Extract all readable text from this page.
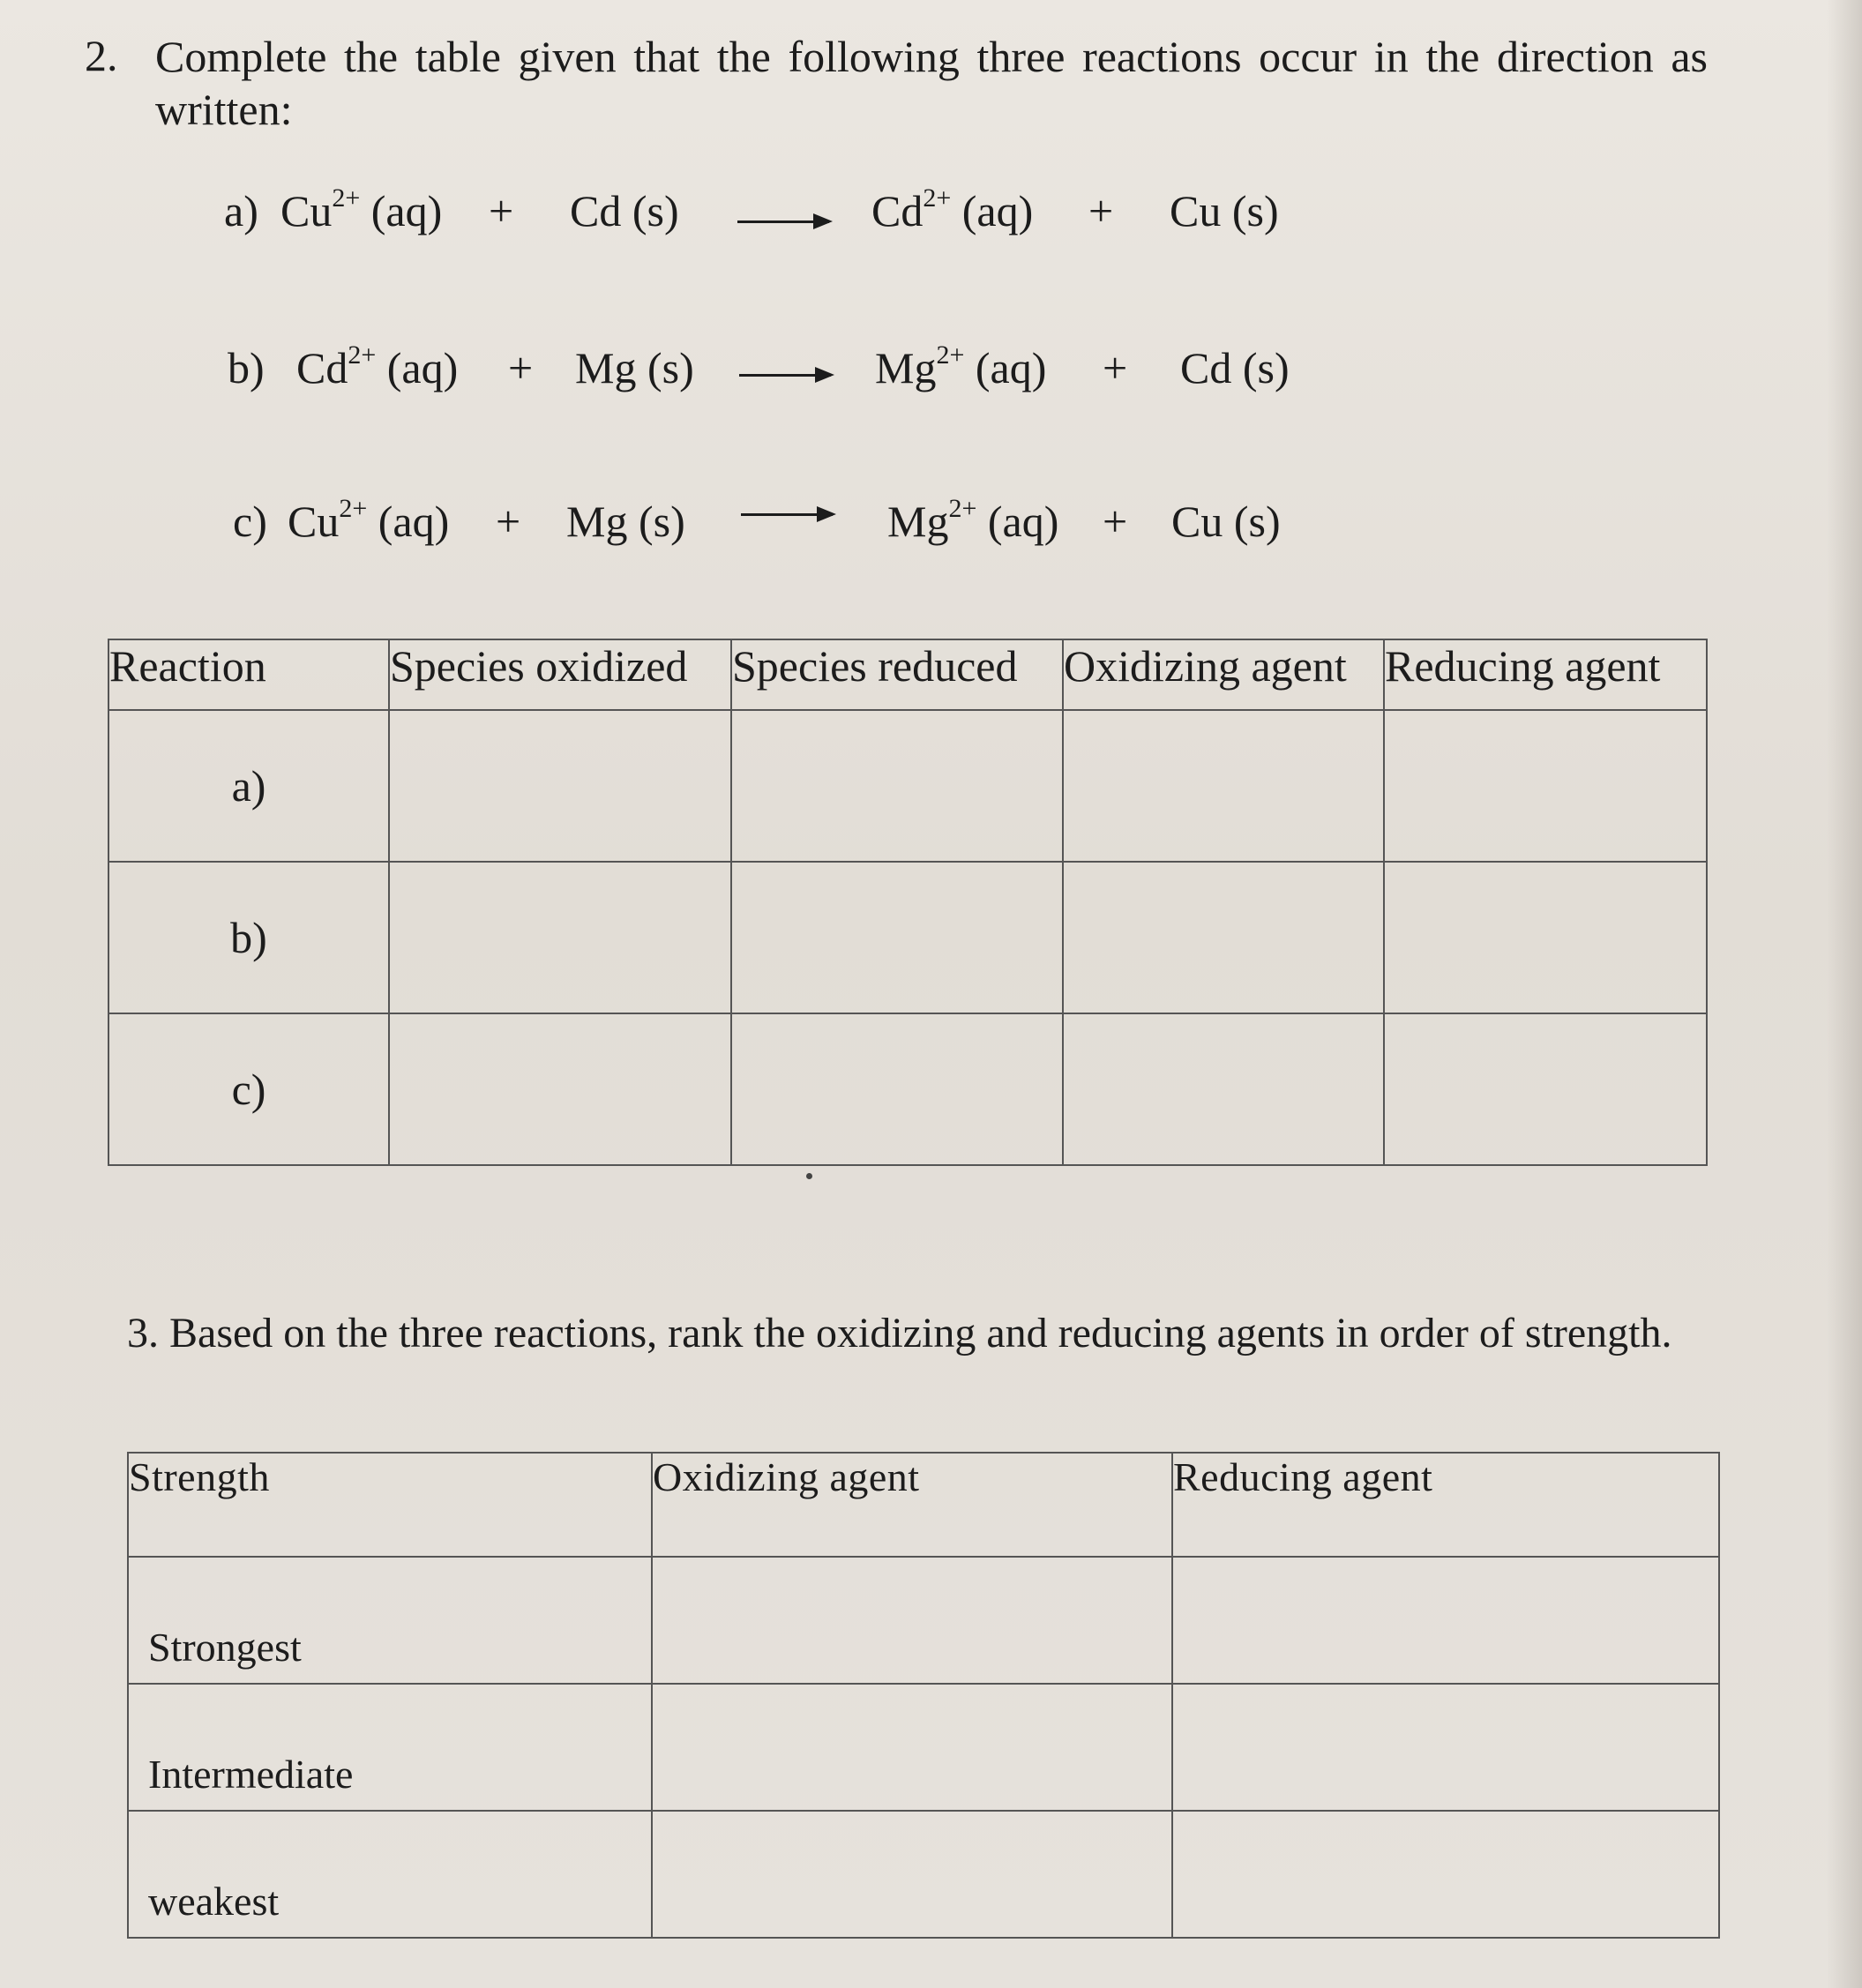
2. Complete the table given that the following three reactions occur in the direction as written:
a) $Cu^{2+}$ (aq) + Cd $(s) \to Cd^{2+}$ (aq) + Cu (s)
b) $Cd^{2+}$ (aq) + Mg $(s) \to Mg^{2+}$ (aq) + Cd (s)
c) $Cu^{2+}$ (aq) + Mg $(s) \to Mg^{2+}$ (aq) + Cu (s)
Reaction	Species oxidized	Species reduced	Oxidizing agent	Reducing agent
a)				
b)				
c)				
3. Based on the three reactions, rank the oxidizing and reducing agents in order of strength.
Strength	Oxidizing agent	Reducing agent
Strongest		
Intermediate		
weakest		
